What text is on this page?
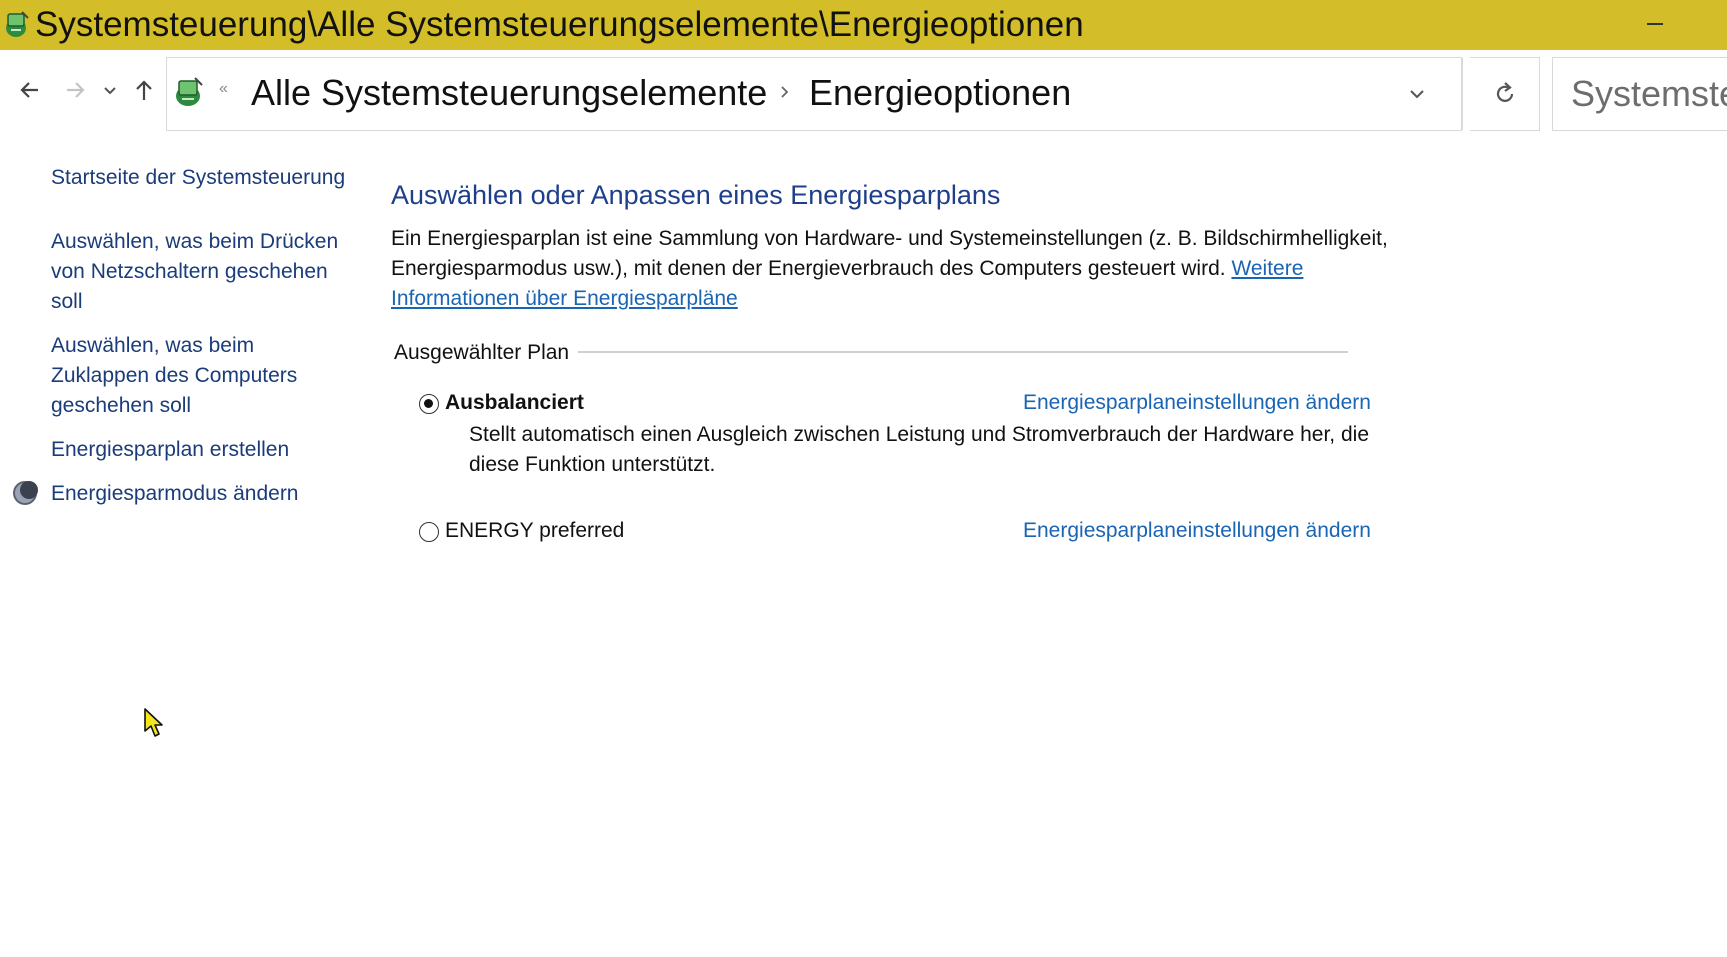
Systemsteuerung\Alle Systemsteuerungselemente\Energieoptionen
« Alle Systemsteuerungselemente Energieoptionen
Systemsteuerung durchsuchen
Startseite der Systemsteuerung
Auswählen, was beim Drücken von Netzschaltern geschehen soll
Auswählen, was beim Zuklappen des Computers geschehen soll
Energiesparplan erstellen
Energiesparmodus ändern
Auswählen oder Anpassen eines Energiesparplans
Ein Energiesparplan ist eine Sammlung von Hardware- und Systemeinstellungen (z. B. Bildschirmhelligkeit, Energiesparmodus usw.), mit denen der Energieverbrauch des Computers gesteuert wird. Weitere Informationen über Energiesparpläne
Ausgewählter Plan
Ausbalanciert	Energiesparplaneinstellungen ändern
Stellt automatisch einen Ausgleich zwischen Leistung und Stromverbrauch der Hardware her, die diese Funktion unterstützt.
ENERGY preferred	Energiesparplaneinstellungen ändern
